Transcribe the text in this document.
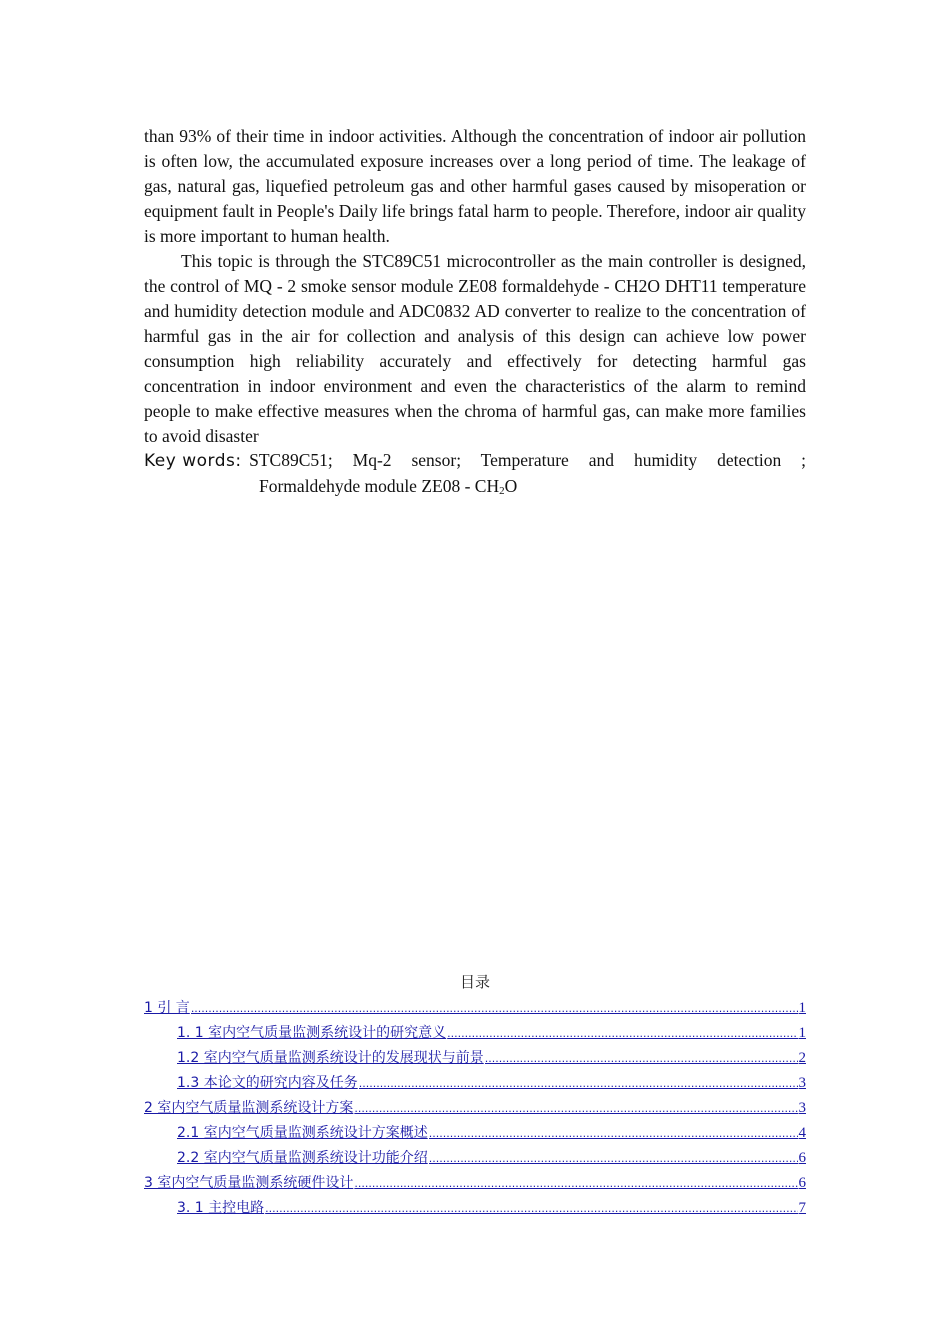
than 93% of their time in indoor activities. Although the concentration of indoor air pollution is often low, the accumulated exposure increases over a long period of time. The leakage of gas, natural gas, liquefied petroleum gas and other harmful gases caused by misoperation or equipment fault in People's Daily life brings fatal harm to people. Therefore, indoor air quality is more important to human health.

This topic is through the STC89C51 microcontroller as the main controller is designed, the control of MQ - 2 smoke sensor module ZE08 formaldehyde - CH2O DHT11 temperature and humidity detection module and ADC0832 AD converter to realize to the concentration of harmful gas in the air for collection and analysis of this design can achieve low power consumption high reliability accurately and effectively for detecting harmful gas concentration in indoor environment and even the characteristics of the alarm to remind people to make effective measures when the chroma of harmful gas, can make more families to avoid disaster

Key words : STC89C51; Mq-2 sensor; Temperature and humidity detection ;
Formaldehyde module $ZE08 - CH_2O$
目录
1 引 言 .....	1
1. 1 室内空气质量监测系统设计的研究意义 .....	1
1.2 室内空气质量监测系统设计的发展现状与前景 .....	2
1.3 本论文的研究内容及任务 .....	3
2 室内空气质量监测系统设计方案 .....	3
2.1 室内空气质量监测系统设计方案概述 .....	4
2.2 室内空气质量监测系统设计功能介绍 .....	6
3 室内空气质量监测系统硬件设计 .....	6
3. 1 主控电路 .....	7
